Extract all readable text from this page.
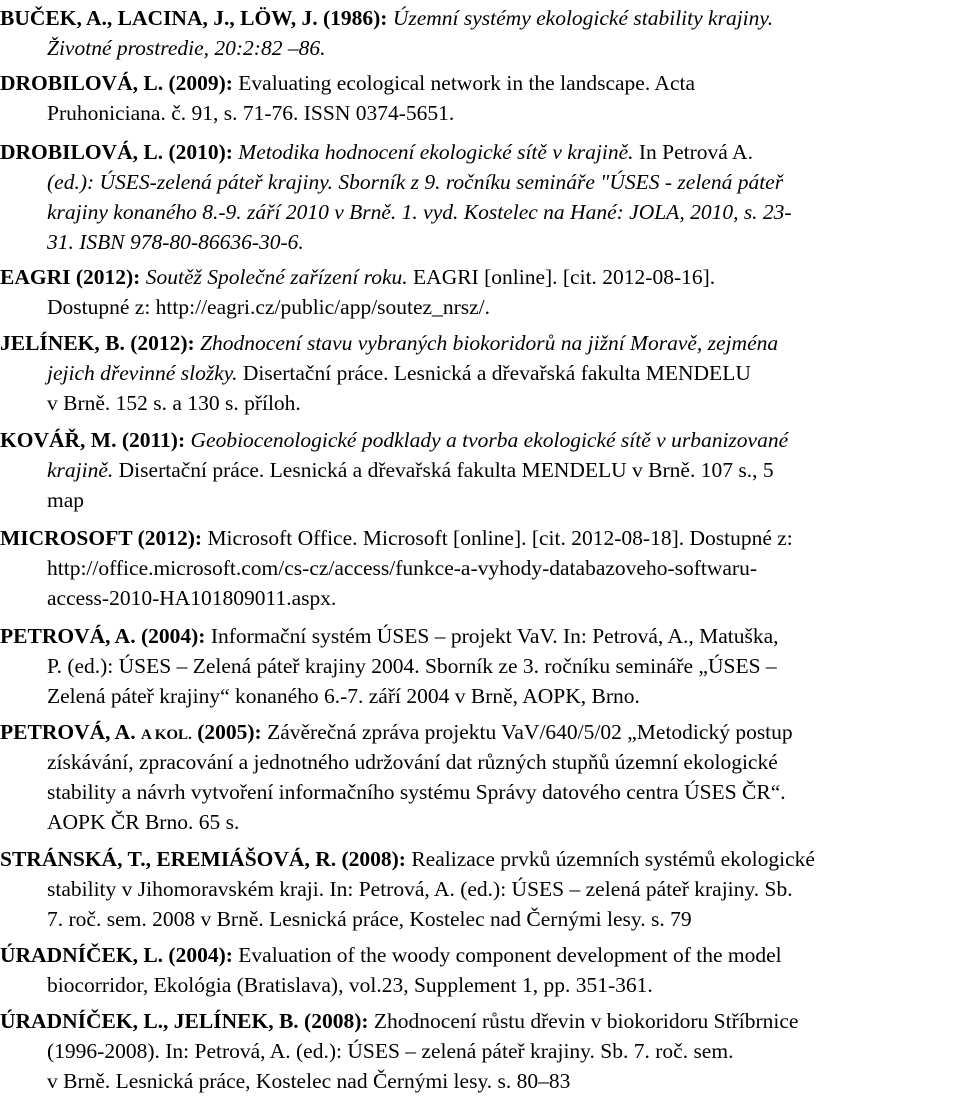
BUČEK, A., LACINA, J., LÖW, J. (1986): Územní systémy ekologické stability krajiny.
Životné prostredie, 20:2:82 –86.
DROBILOVÁ, L. (2009): Evaluating ecological network in the landscape. Acta
Pruhoniciana. č. 91, s. 71-76. ISSN 0374-5651.
DROBILOVÁ, L. (2010): Metodika hodnocení ekologické sítě v krajině. In Petrová A.
(ed.): ÚSES-zelená páteř krajiny. Sborník z 9. ročníku semináře "ÚSES - zelená páteř
krajiny konaného 8.-9. září 2010 v Brně. 1. vyd. Kostelec na Hané: JOLA, 2010, s. 23-
31. ISBN 978-80-86636-30-6.
EAGRI (2012): Soutěž Společné zařízení roku. EAGRI [online]. [cit. 2012-08-16].
Dostupné z: http://eagri.cz/public/app/soutez_nrsz/.
JELÍNEK, B. (2012): Zhodnocení stavu vybraných biokoridorů na jižní Moravě, zejména
jejich dřevinné složky. Disertační práce. Lesnická a dřevařská fakulta MENDELU
v Brně. 152 s. a 130 s. příloh.
KOVÁŘ, M. (2011): Geobiocenologické podklady a tvorba ekologické sítě v urbanizované
krajině. Disertační práce. Lesnická a dřevařská fakulta MENDELU v Brně. 107 s., 5
map
MICROSOFT (2012): Microsoft Office. Microsoft [online]. [cit. 2012-08-18]. Dostupné z:
http://office.microsoft.com/cs-cz/access/funkce-a-vyhody-databazoveho-softwaru-
access-2010-HA101809011.aspx.
PETROVÁ, A. (2004): Informační systém ÚSES – projekt VaV. In: Petrová, A., Matuška,
P. (ed.): ÚSES – Zelená páteř krajiny 2004. Sborník ze 3. ročníku semináře „ÚSES –
Zelená páteř krajiny“ konaného 6.-7. září 2004 v Brně, AOPK, Brno.
PETROVÁ, A. A KOL. (2005): Závěrečná zpráva projektu VaV/640/5/02 „Metodický postup
získávání, zpracování a jednotného udržování dat různých stupňů územní ekologické
stability a návrh vytvoření informačního systému Správy datového centra ÚSES ČR“.
AOPK ČR Brno. 65 s.
STRÁNSKÁ, T., EREMIÁŠOVÁ, R. (2008): Realizace prvků územních systémů ekologické
stability v Jihomoravském kraji. In: Petrová, A. (ed.): ÚSES – zelená páteř krajiny. Sb.
7. roč. sem. 2008 v Brně. Lesnická práce, Kostelec nad Černými lesy. s. 79
ÚRADNÍČEK, L. (2004): Evaluation of the woody component development of the model
biocorridor, Ekológia (Bratislava), vol.23, Supplement 1, pp. 351-361.
ÚRADNÍČEK, L., JELÍNEK, B. (2008): Zhodnocení růstu dřevin v biokoridoru Stříbrnice
(1996-2008). In: Petrová, A. (ed.): ÚSES – zelená páteř krajiny. Sb. 7. roč. sem.
v Brně. Lesnická práce, Kostelec nad Černými lesy. s. 80–83
